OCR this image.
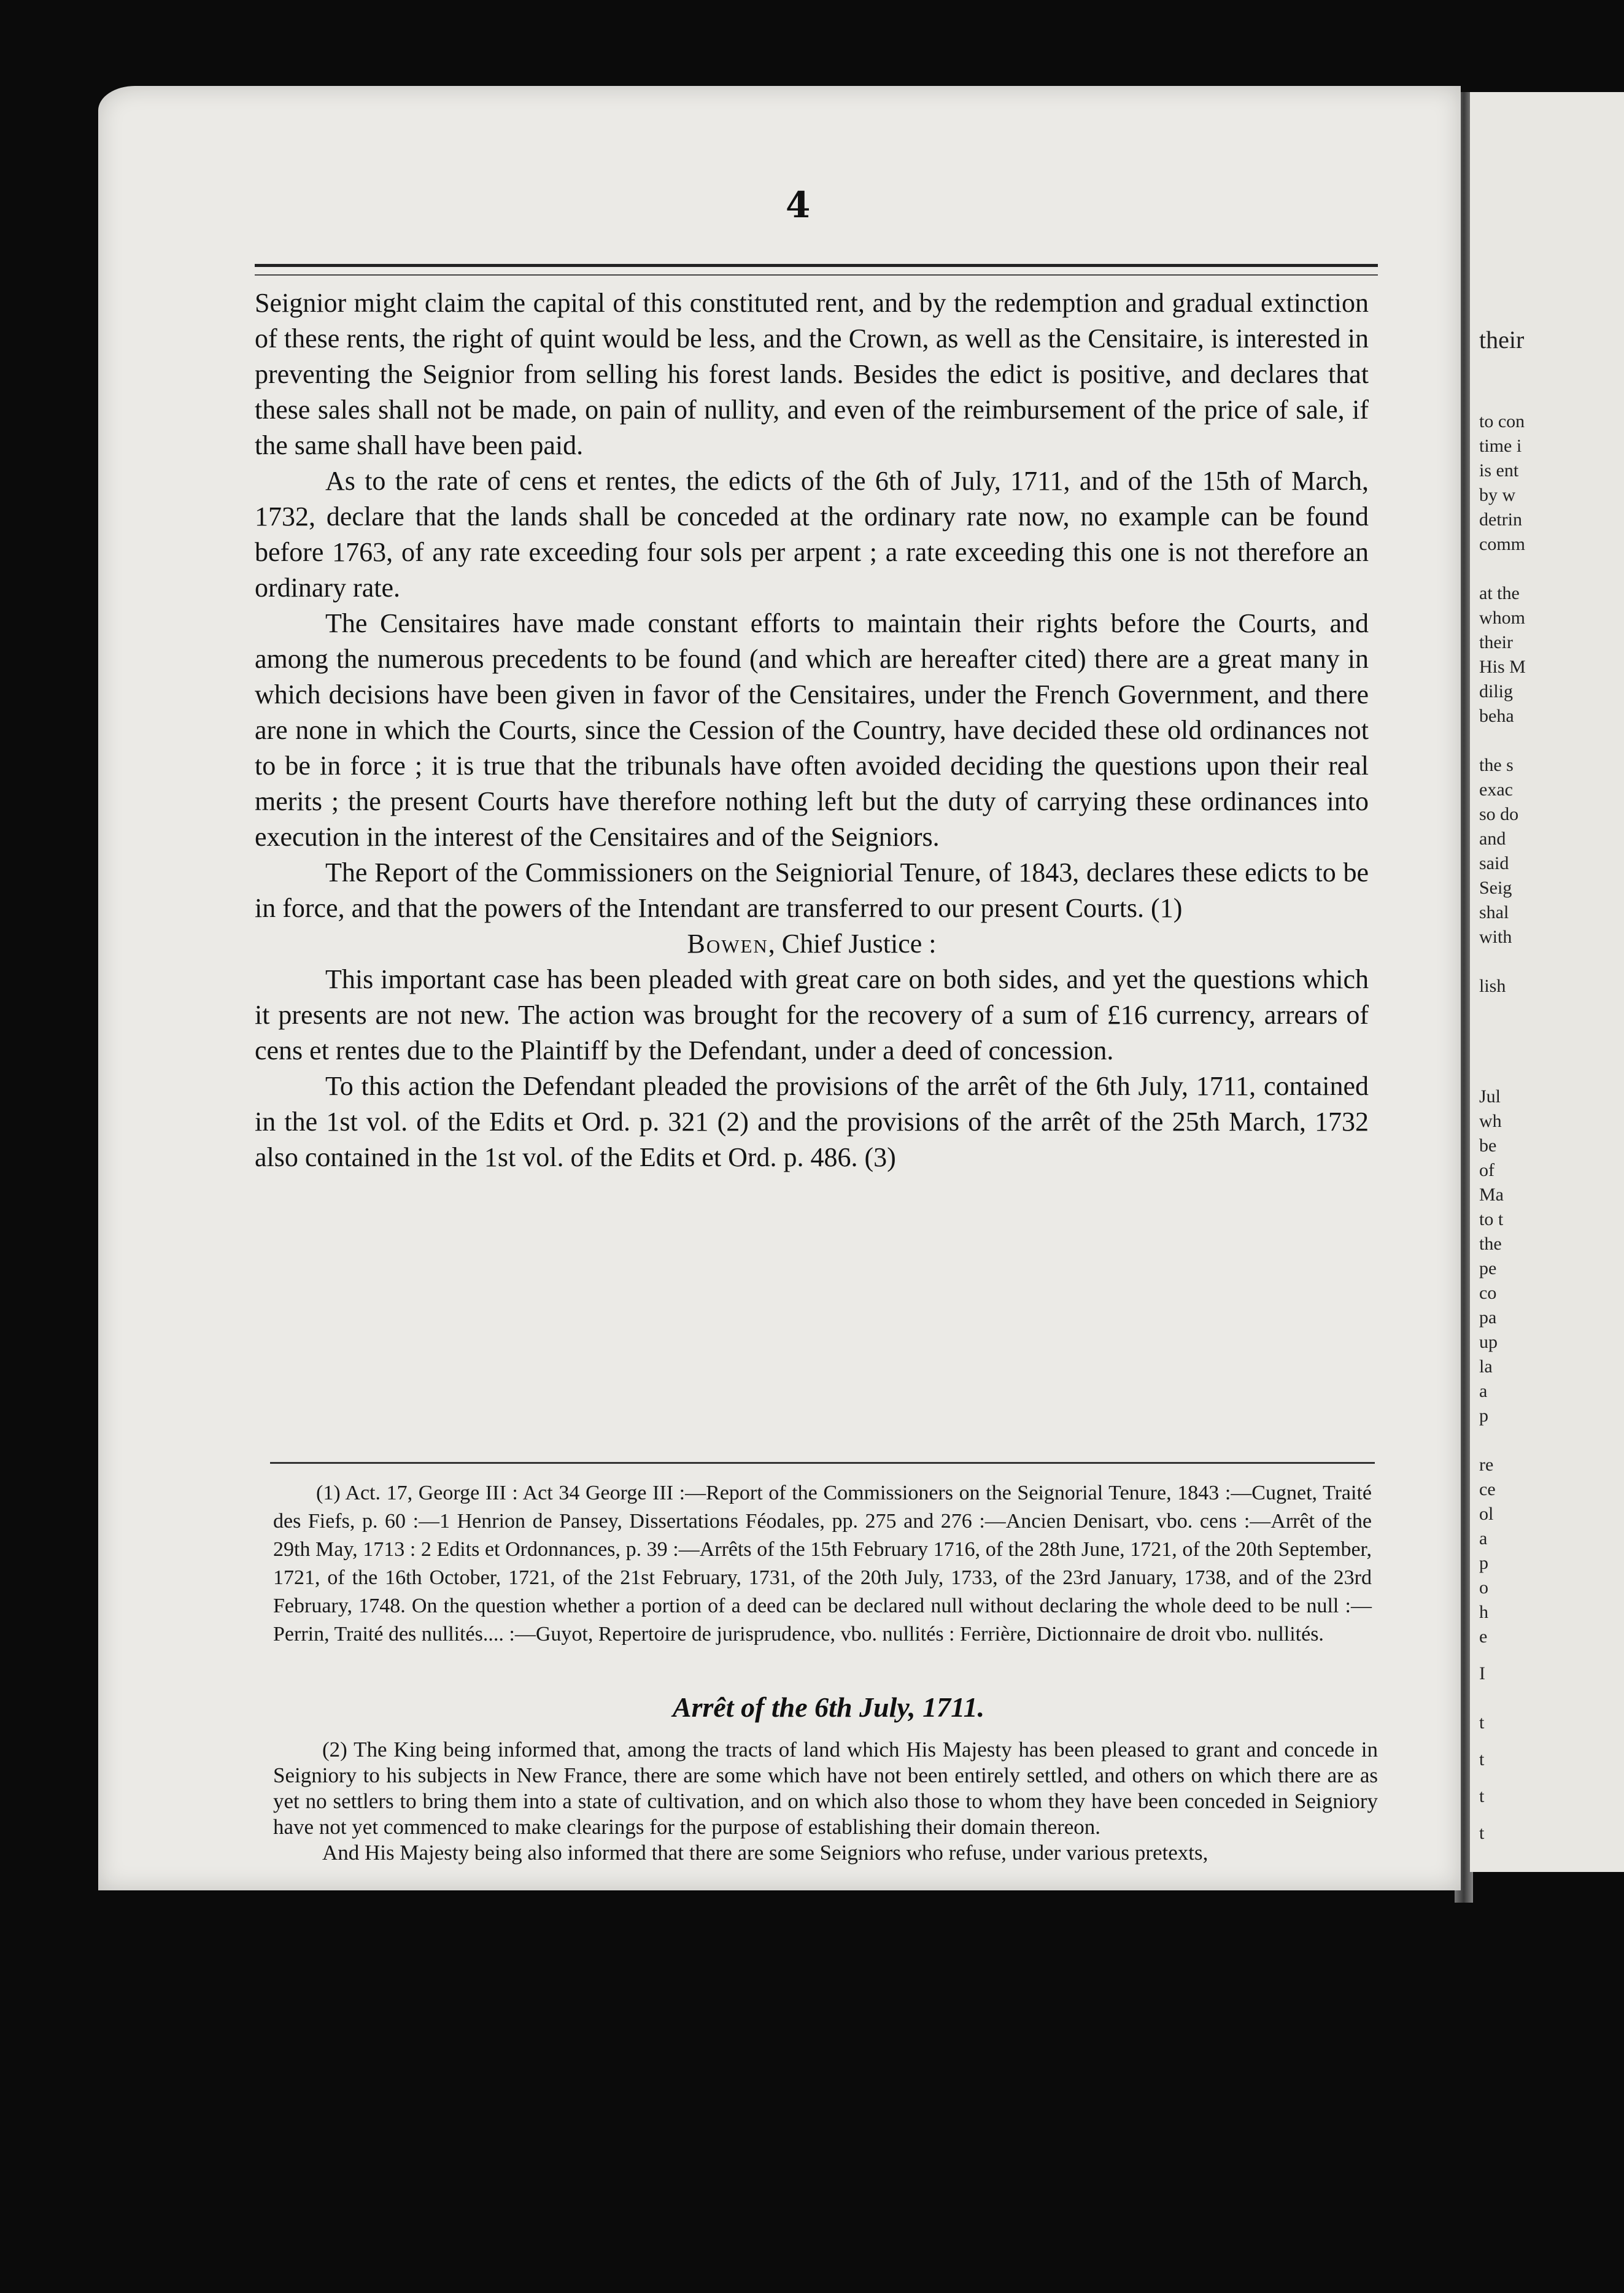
their
to con
time i
is ent
by w
detrin
comm
at the
whom
their
His M
dilig
beha
the s
exac
so do
and
said
Seig
shal
with
lish
Jul
wh
be
of
Ma
to t
the
pe
co
pa
up
la
a
p
re
ce
ol
a
p
o
h
e
I
t
t
t
t
4

Seignior might claim the capital of this constituted rent, and by the redemption and gradual extinction of these rents, the right of quint would be less, and the Crown, as well as the Censitaire, is interested in preventing the Seignior from selling his forest lands. Besides the edict is positive, and declares that these sales shall not be made, on pain of nullity, and even of the reimbursement of the price of sale, if the same shall have been paid.

As to the rate of cens et rentes, the edicts of the 6th of July, 1711, and of the 15th of March, 1732, declare that the lands shall be conceded at the ordinary rate now, no example can be found before 1763, of any rate exceeding four sols per arpent ; a rate exceeding this one is not therefore an ordinary rate.

The Censitaires have made constant efforts to maintain their rights before the Courts, and among the numerous precedents to be found (and which are hereafter cited) there are a great many in which decisions have been given in favor of the Censitaires, under the French Government, and there are none in which the Courts, since the Cession of the Country, have decided these old ordinances not to be in force ; it is true that the tribunals have often avoided deciding the questions upon their real merits ; the present Courts have therefore nothing left but the duty of carrying these ordinances into execution in the interest of the Censitaires and of the Seigniors.

The Report of the Commissioners on the Seigniorial Tenure, of 1843, declares these edicts to be in force, and that the powers of the Intendant are transferred to our present Courts. (1)

Bowen, Chief Justice :

This important case has been pleaded with great care on both sides, and yet the questions which it presents are not new. The action was brought for the recovery of a sum of £16 currency, arrears of cens et rentes due to the Plaintiff by the Defendant, under a deed of concession.

To this action the Defendant pleaded the provisions of the arrêt of the 6th July, 1711, contained in the 1st vol. of the Edits et Ord. p. 321 (2) and the provisions of the arrêt of the 25th March, 1732 also contained in the 1st vol. of the Edits et Ord. p. 486. (3)

(1) Act. 17, George III : Act 34 George III :—Report of the Commissioners on the Seignorial Tenure, 1843 :—Cugnet, Traité des Fiefs, p. 60 :—1 Henrion de Pansey, Dissertations Féodales, pp. 275 and 276 :—Ancien Denisart, vbo. cens :—Arrêt of the 29th May, 1713 : 2 Edits et Ordonnances, p. 39 :—Arrêts of the 15th February 1716, of the 28th June, 1721, of the 20th September, 1721, of the 16th October, 1721, of the 21st February, 1731, of the 20th July, 1733, of the 23rd January, 1738, and of the 23rd February, 1748. On the question whether a portion of a deed can be declared null without declaring the whole deed to be null :—Perrin, Traité des nullités.... :—Guyot, Repertoire de jurisprudence, vbo. nullités : Ferrière, Dictionnaire de droit vbo. nullités.
Arrêt of the 6th July, 1711.

(2) The King being informed that, among the tracts of land which His Majesty has been pleased to grant and concede in Seigniory to his subjects in New France, there are some which have not been entirely settled, and others on which there are as yet no settlers to bring them into a state of cultivation, and on which also those to whom they have been conceded in Seigniory have not yet commenced to make clearings for the purpose of establishing their domain thereon.

And His Majesty being also informed that there are some Seigniors who refuse, under various pretexts,
